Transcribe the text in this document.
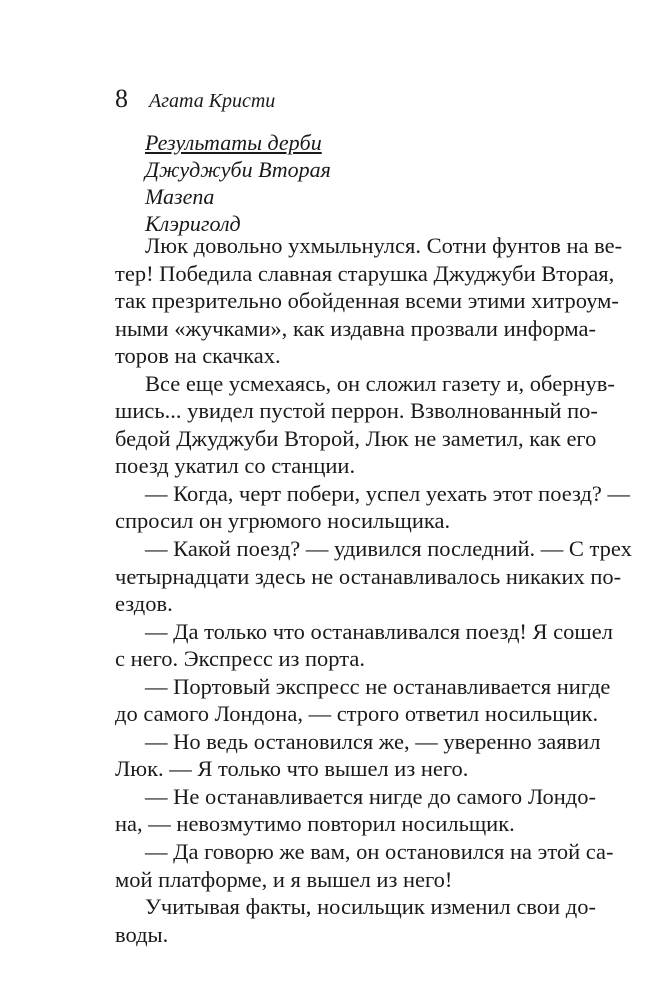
8 Агата Кристи
Результаты дерби
Джуджуби Вторая
Мазепа
Клэриголд
Люк довольно ухмыльнулся. Сотни фунтов на ве-
тер! Победила славная старушка Джуджуби Вторая,
так презрительно обойденная всеми этими хитроум-
ными «жучками», как издавна прозвали информа-
торов на скачках.
Все еще усмехаясь, он сложил газету и, обернув-
шись... увидел пустой перрон. Взволнованный по-
бедой Джуджуби Второй, Люк не заметил, как его
поезд укатил со станции.
— Когда, черт побери, успел уехать этот поезд? —
спросил он угрюмого носильщика.
— Какой поезд? — удивился последний. — С трех
четырнадцати здесь не останавливалось никаких по-
ездов.
— Да только что останавливался поезд! Я сошел
с него. Экспресс из порта.
— Портовый экспресс не останавливается нигде
до самого Лондона, — строго ответил носильщик.
— Но ведь остановился же, — уверенно заявил
Люк. — Я только что вышел из него.
— Не останавливается нигде до самого Лондо-
на, — невозмутимо повторил носильщик.
— Да говорю же вам, он остановился на этой са-
мой платформе, и я вышел из него!
Учитывая факты, носильщик изменил свои до-
воды.
